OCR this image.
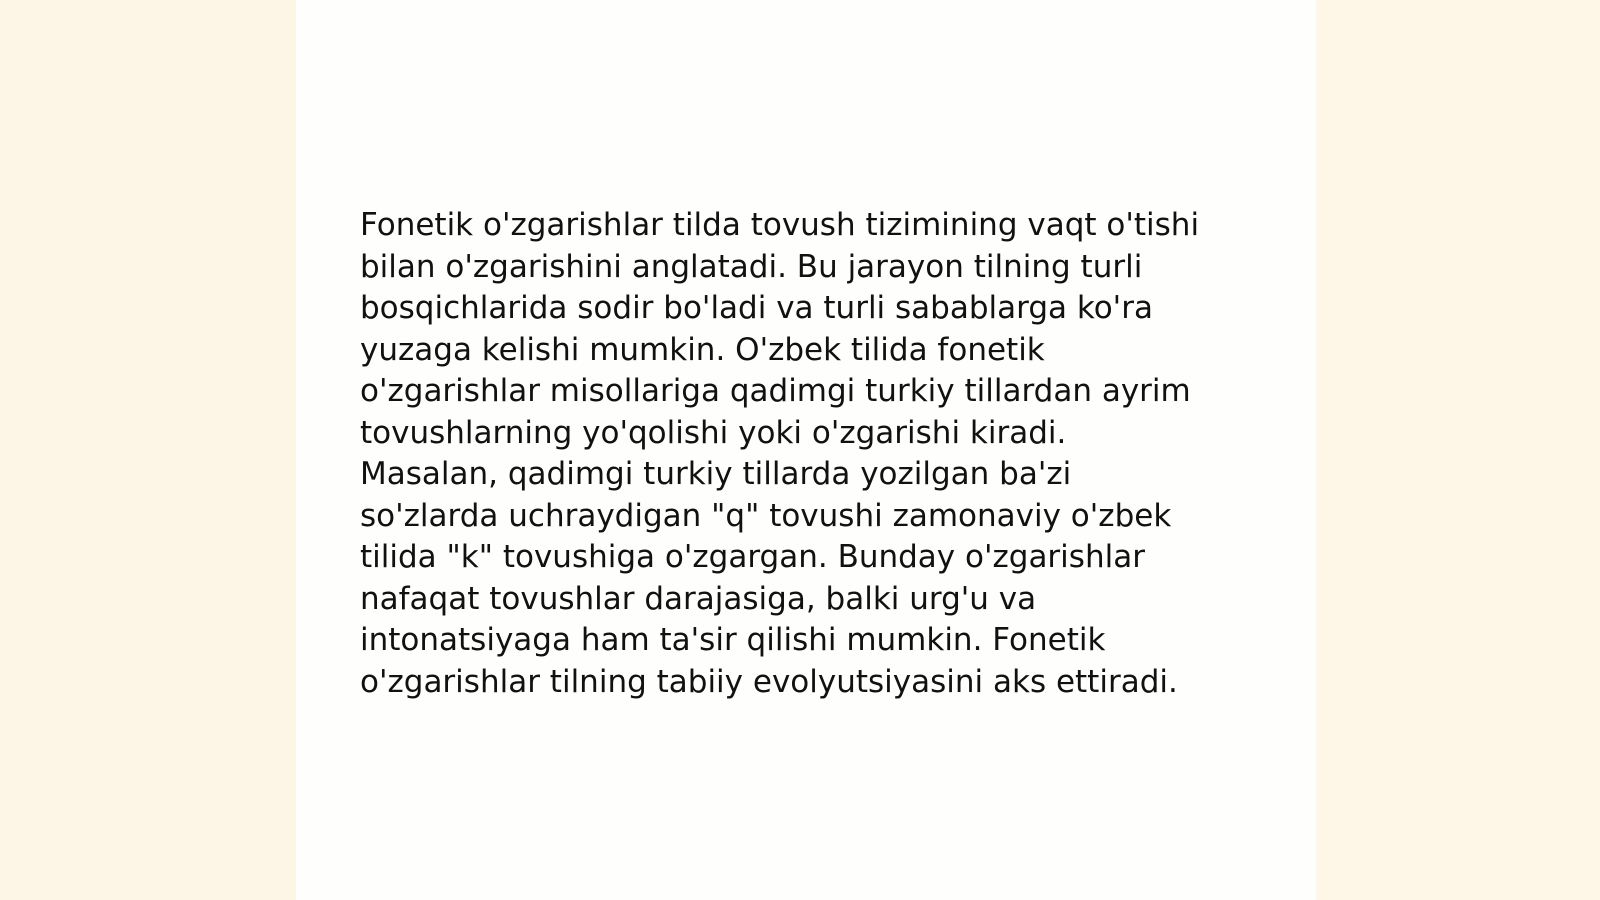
Fonetik o'zgarishlar tilda tovush tizimining vaqt o'tishi
bilan o'zgarishini anglatadi. Bu jarayon tilning turli
bosqichlarida sodir bo'ladi va turli sabablarga ko'ra
yuzaga kelishi mumkin. O'zbek tilida fonetik
o'zgarishlar misollariga qadimgi turkiy tillardan ayrim
tovushlarning yo'qolishi yoki o'zgarishi kiradi.
Masalan, qadimgi turkiy tillarda yozilgan ba'zi
so'zlarda uchraydigan "q" tovushi zamonaviy o'zbek
tilida "k" tovushiga o'zgargan. Bunday o'zgarishlar
nafaqat tovushlar darajasiga, balki urg'u va
intonatsiyaga ham ta'sir qilishi mumkin. Fonetik
o'zgarishlar tilning tabiiy evolyutsiyasini aks ettiradi.
